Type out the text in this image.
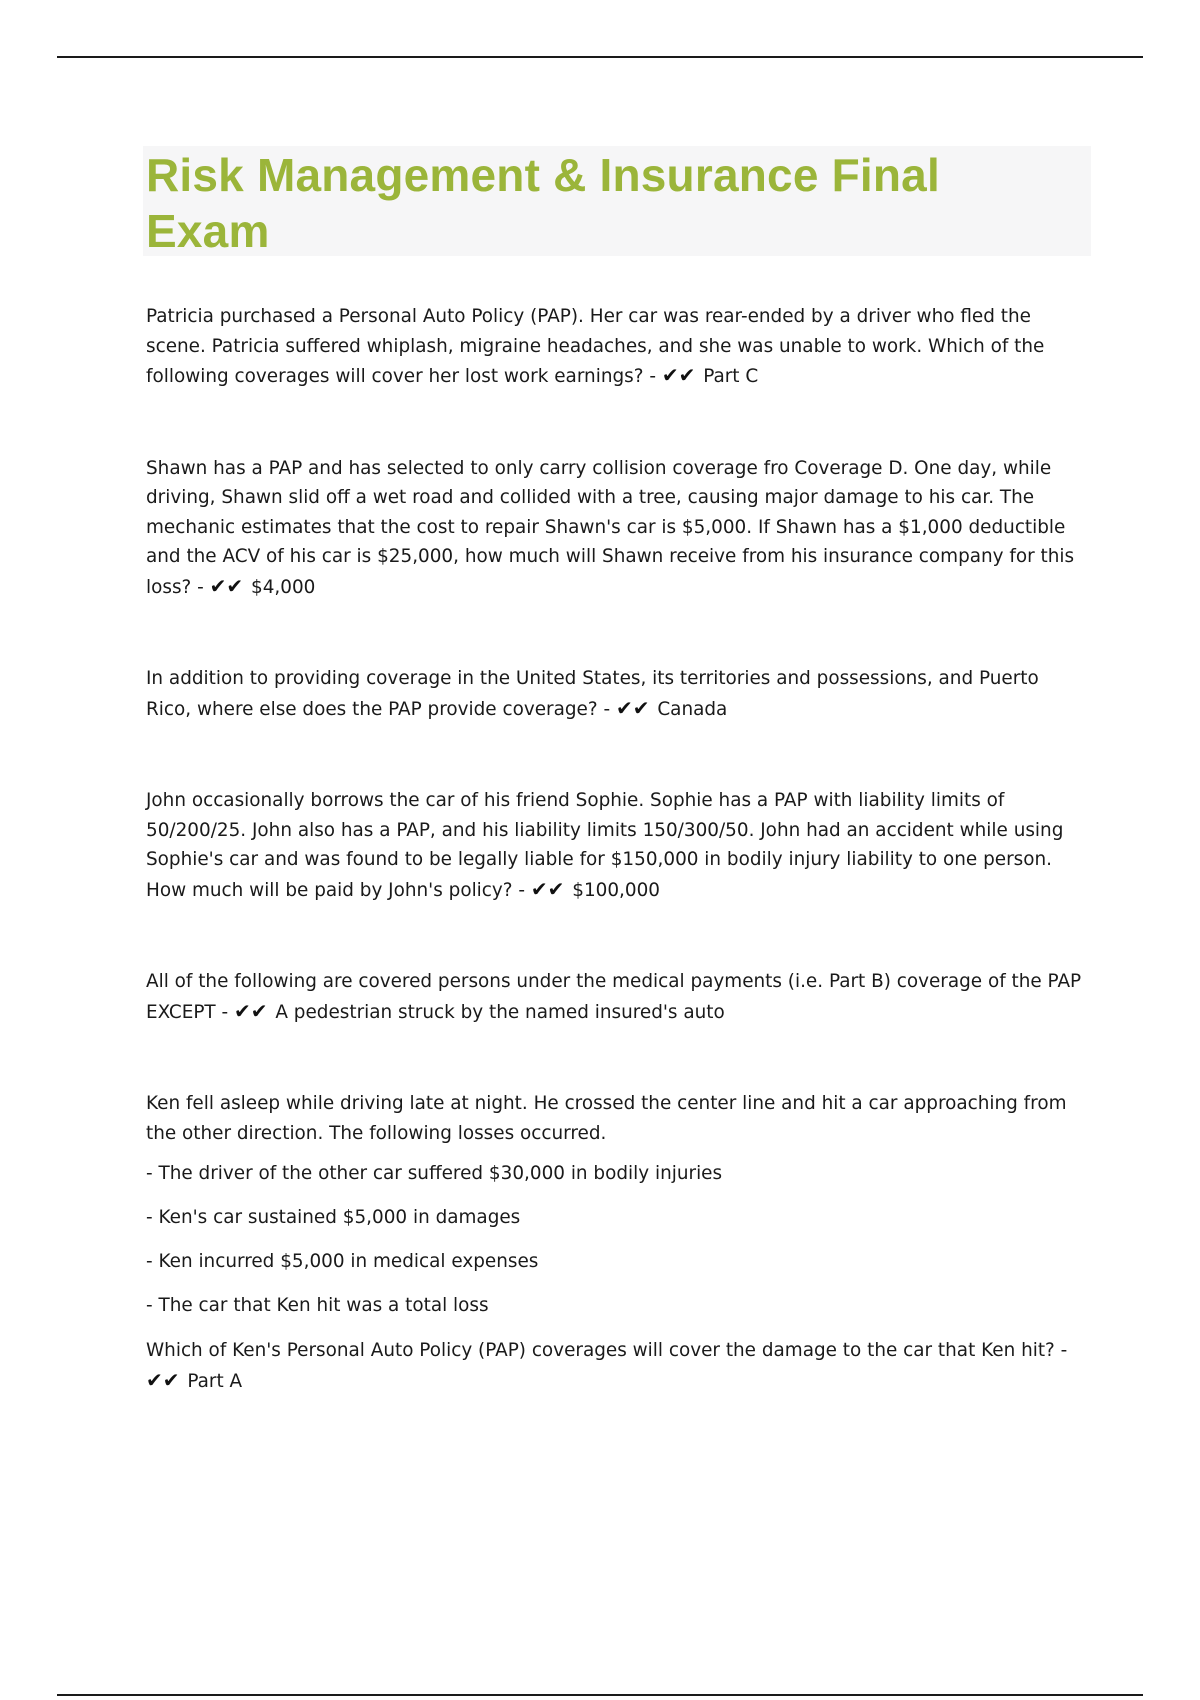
Risk Management & Insurance Final Exam

Patricia purchased a Personal Auto Policy (PAP). Her car was rear-ended by a driver who fled the scene. Patricia suffered whiplash, migraine headaches, and she was unable to work. Which of the following coverages will cover her lost work earnings? - ✔✔ Part C

Shawn has a PAP and has selected to only carry collision coverage fro Coverage D. One day, while driving, Shawn slid off a wet road and collided with a tree, causing major damage to his car. The mechanic estimates that the cost to repair Shawn's car is $5,000. If Shawn has a $1,000 deductible and the ACV of his car is $25,000, how much will Shawn receive from his insurance company for this loss? - ✔✔ $4,000

In addition to providing coverage in the United States, its territories and possessions, and Puerto Rico, where else does the PAP provide coverage? - ✔✔ Canada

John occasionally borrows the car of his friend Sophie. Sophie has a PAP with liability limits of 50/200/25. John also has a PAP, and his liability limits 150/300/50. John had an accident while using Sophie's car and was found to be legally liable for $150,000 in bodily injury liability to one person. How much will be paid by John's policy? - ✔✔ $100,000

All of the following are covered persons under the medical payments (i.e. Part B) coverage of the PAP EXCEPT - ✔✔ A pedestrian struck by the named insured's auto

Ken fell asleep while driving late at night. He crossed the center line and hit a car approaching from the other direction. The following losses occurred.

- The driver of the other car suffered $30,000 in bodily injuries

- Ken's car sustained $5,000 in damages

- Ken incurred $5,000 in medical expenses

- The car that Ken hit was a total loss

Which of Ken's Personal Auto Policy (PAP) coverages will cover the damage to the car that Ken hit? - ✔✔ Part A
